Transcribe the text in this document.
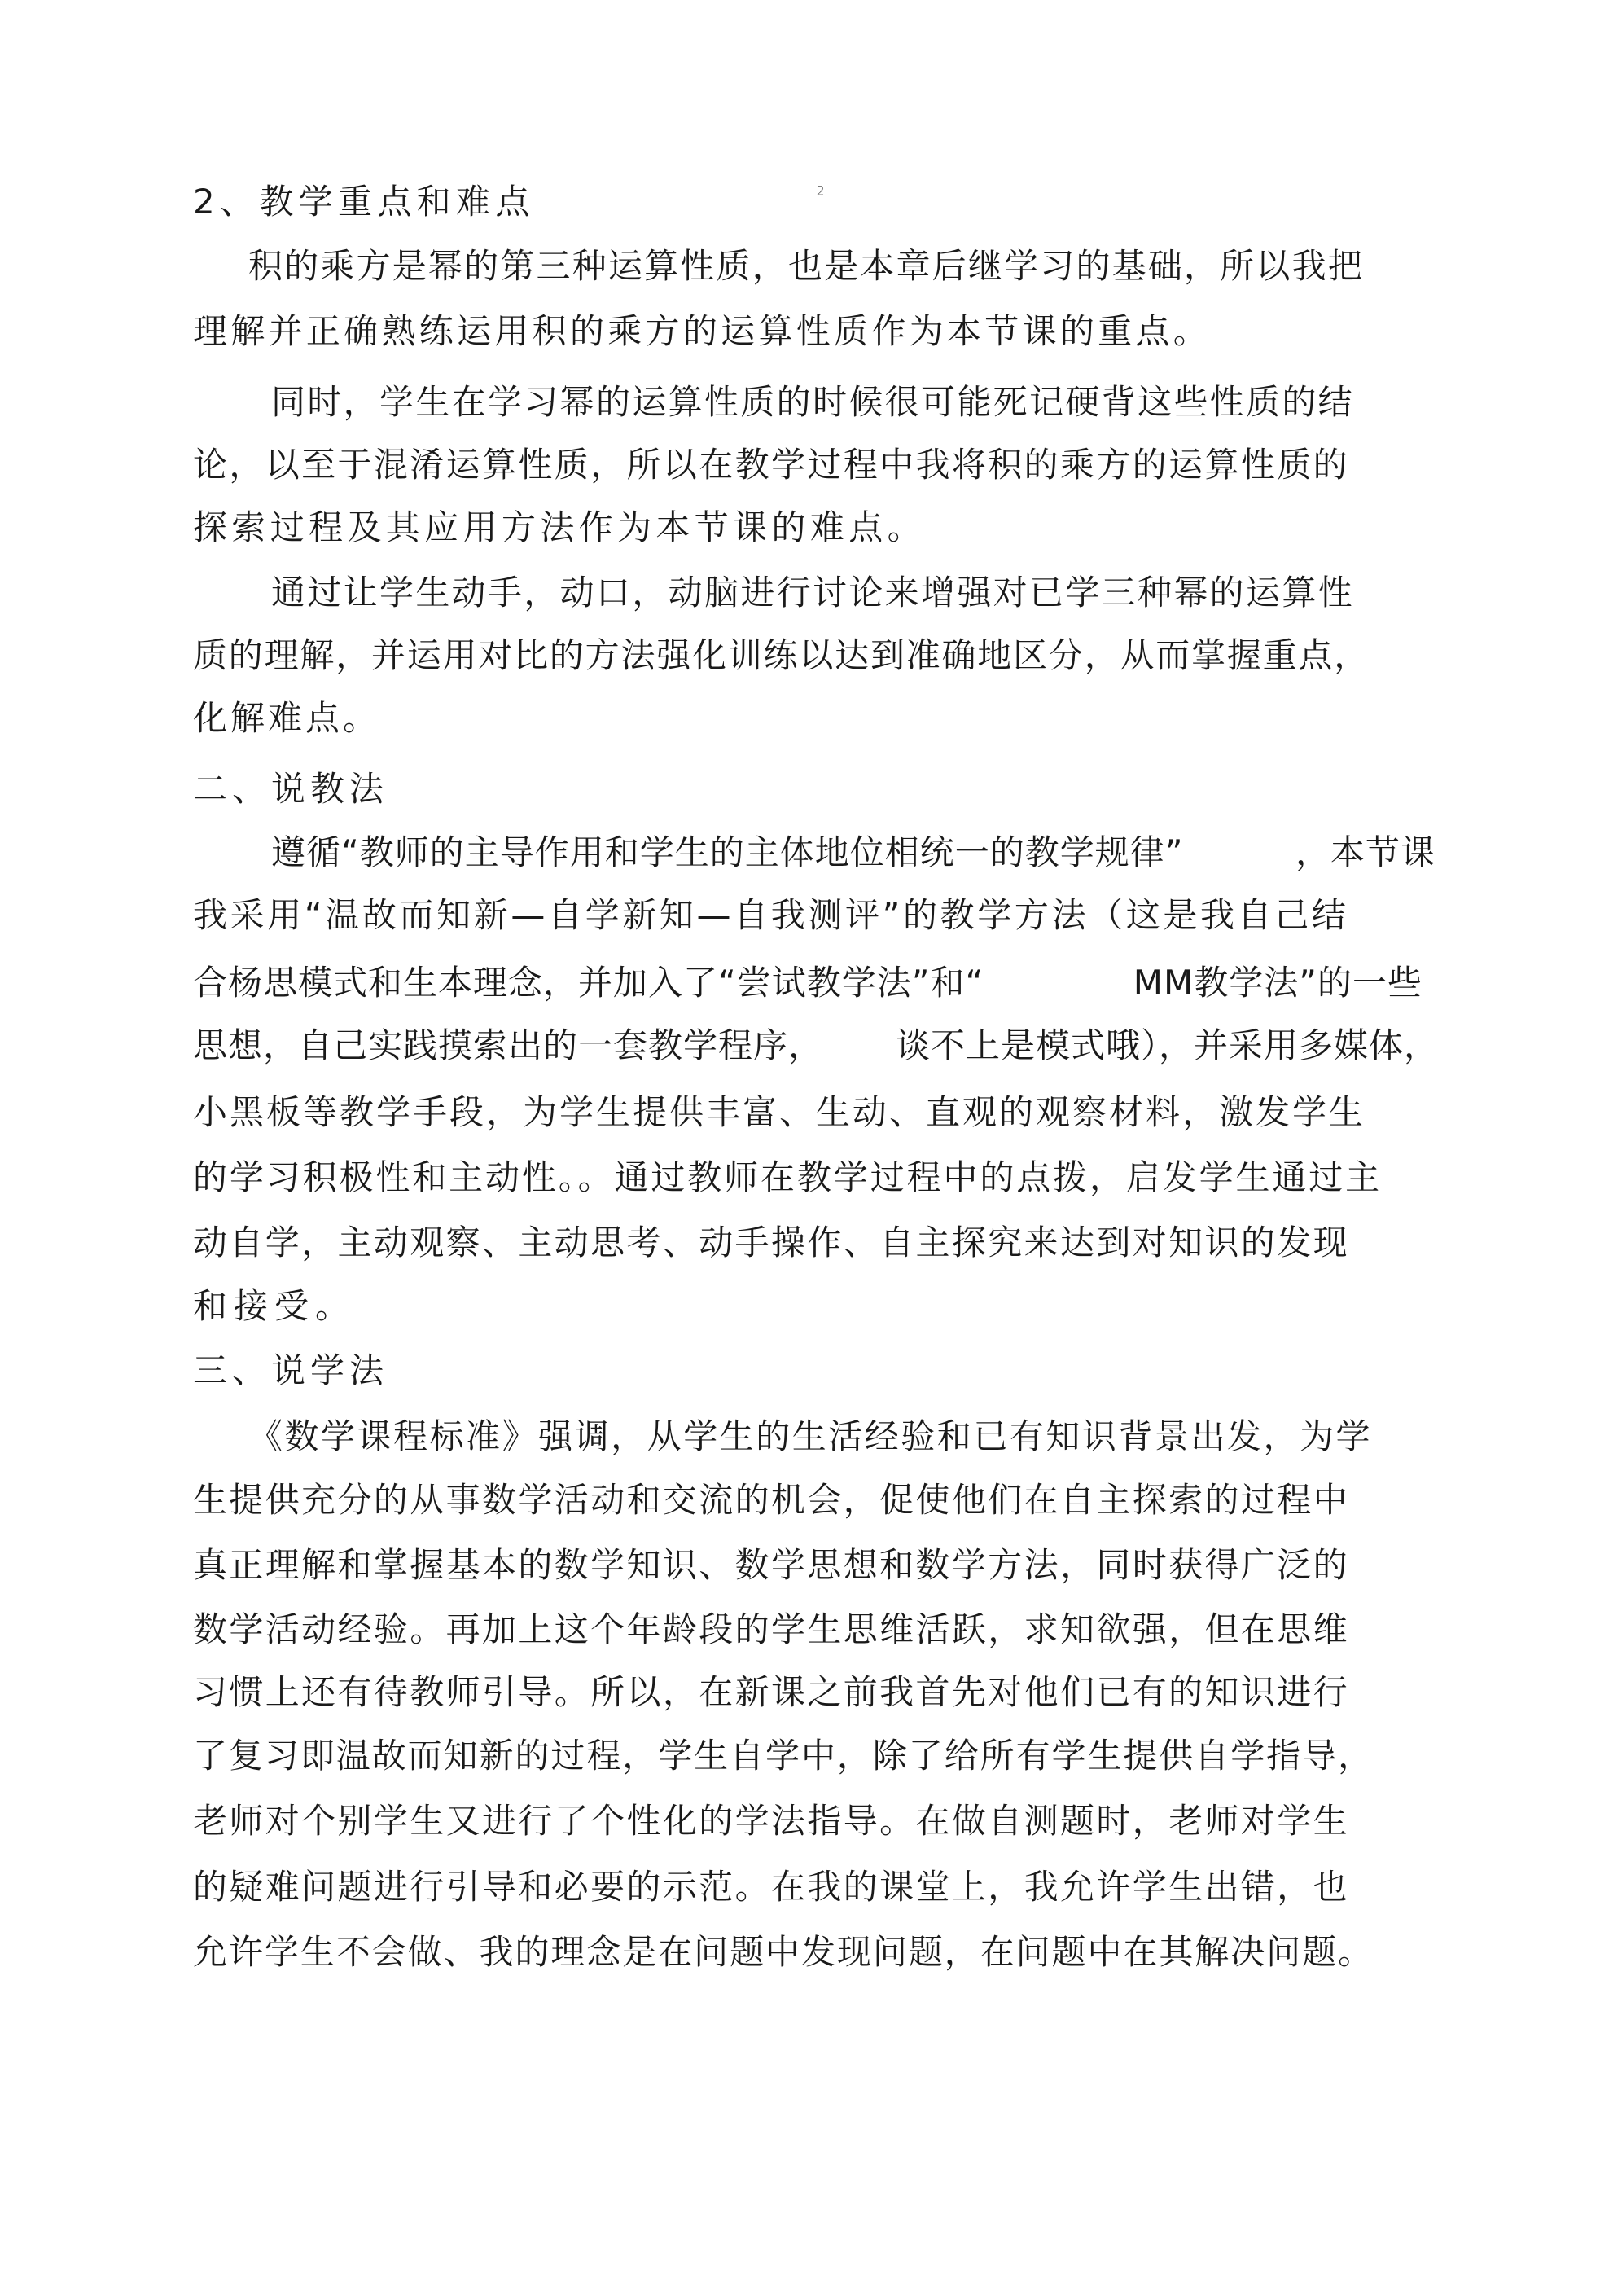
2
2、教学重点和难点
积的乘方是幂的第三种运算性质，也是本章后继学习的基础，所以我把
理解并正确熟练运用积的乘方的运算性质作为本节课的重点。
同时，学生在学习幂的运算性质的时候很可能死记硬背这些性质的结
论，以至于混淆运算性质，所以在教学过程中我将积的乘方的运算性质的
探索过程及其应用方法作为本节课的难点。
通过让学生动手，动口，动脑进行讨论来增强对已学三种幂的运算性
质的理解，并运用对比的方法强化训练以达到准确地区分，从而掌握重点，
化解难点。
二、说教法
遵循“教师的主导作用和学生的主体地位相统一的教学规律”	，本节课
我采用“温故而知新—自学新知—自我测评”的教学方法（这是我自己结
合杨思模式和生本理念，并加入了“尝试教学法”和“	MM教学法”的一些
思想，自己实践摸索出的一套教学程序， 谈不上是模式哦），并采用多媒体，
小黑板等教学手段，为学生提供丰富、生动、直观的观察材料，激发学生
的学习积极性和主动性。。通过教师在教学过程中的点拨，启发学生通过主
动自学，主动观察、主动思考、动手操作、自主探究来达到对知识的发现
和接受。
三、说学法
《数学课程标准》强调，从学生的生活经验和已有知识背景出发，为学
生提供充分的从事数学活动和交流的机会，促使他们在自主探索的过程中
真正理解和掌握基本的数学知识、数学思想和数学方法，同时获得广泛的
数学活动经验。再加上这个年龄段的学生思维活跃，求知欲强，但在思维
习惯上还有待教师引导。所以，在新课之前我首先对他们已有的知识进行
了复习即温故而知新的过程，学生自学中，除了给所有学生提供自学指导，
老师对个别学生又进行了个性化的学法指导。在做自测题时，老师对学生
的疑难问题进行引导和必要的示范。在我的课堂上，我允许学生出错，也
允许学生不会做、我的理念是在问题中发现问题，在问题中在其解决问题。
